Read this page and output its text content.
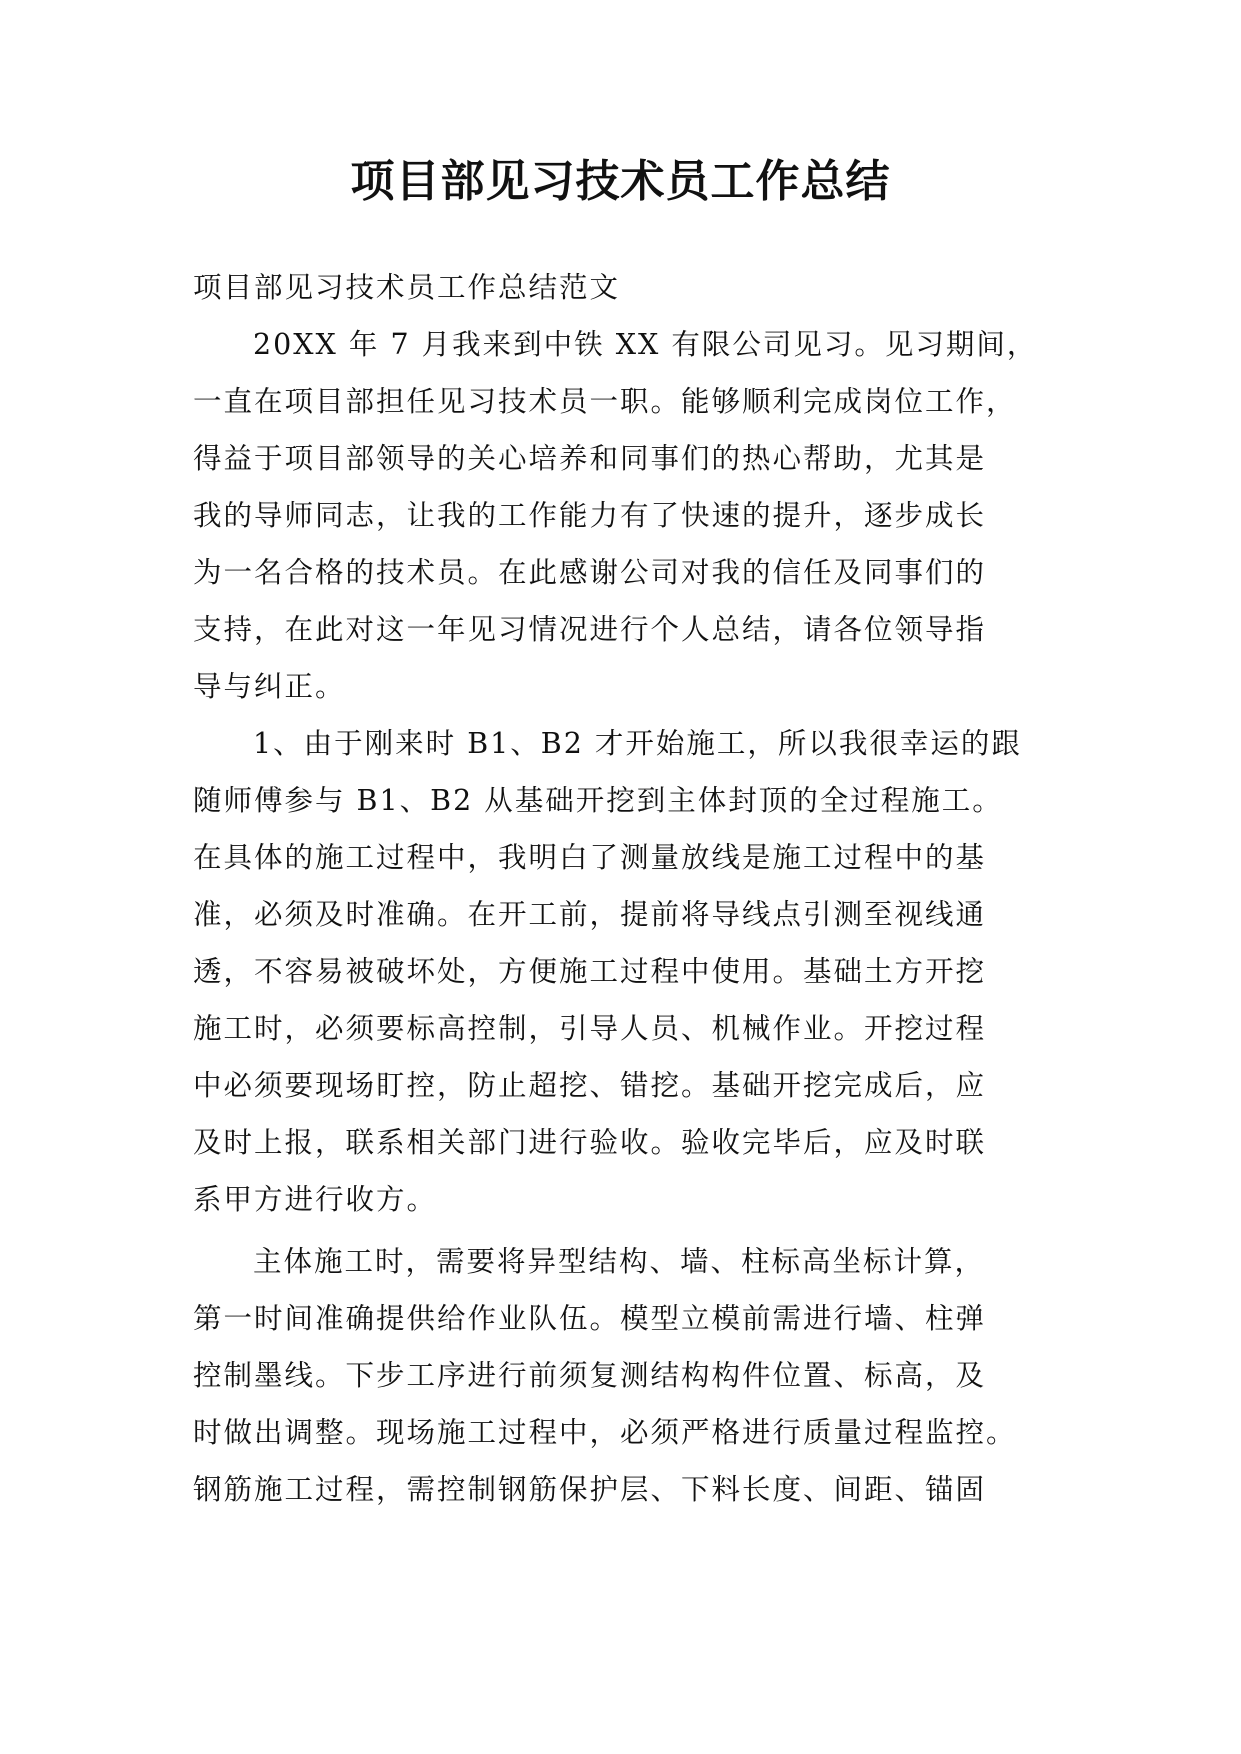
项目部见习技术员工作总结
项目部见习技术员工作总结范文
20XX 年 7 月我来到中铁 XX 有限公司见习。见习期间，
一直在项目部担任见习技术员一职。能够顺利完成岗位工作，
得益于项目部领导的关心培养和同事们的热心帮助，尤其是
我的导师同志，让我的工作能力有了快速的提升，逐步成长
为一名合格的技术员。在此感谢公司对我的信任及同事们的
支持，在此对这一年见习情况进行个人总结，请各位领导指
导与纠正。
1、由于刚来时 B1、B2 才开始施工，所以我很幸运的跟
随师傅参与 B1、B2 从基础开挖到主体封顶的全过程施工。
在具体的施工过程中，我明白了测量放线是施工过程中的基
准，必须及时准确。在开工前，提前将导线点引测至视线通
透，不容易被破坏处，方便施工过程中使用。基础土方开挖
施工时，必须要标高控制，引导人员、机械作业。开挖过程
中必须要现场盯控，防止超挖、错挖。基础开挖完成后，应
及时上报，联系相关部门进行验收。验收完毕后，应及时联
系甲方进行收方。
主体施工时，需要将异型结构、墙、柱标高坐标计算，
第一时间准确提供给作业队伍。模型立模前需进行墙、柱弹
控制墨线。下步工序进行前须复测结构构件位置、标高，及
时做出调整。现场施工过程中，必须严格进行质量过程监控。
钢筋施工过程，需控制钢筋保护层、下料长度、间距、锚固
